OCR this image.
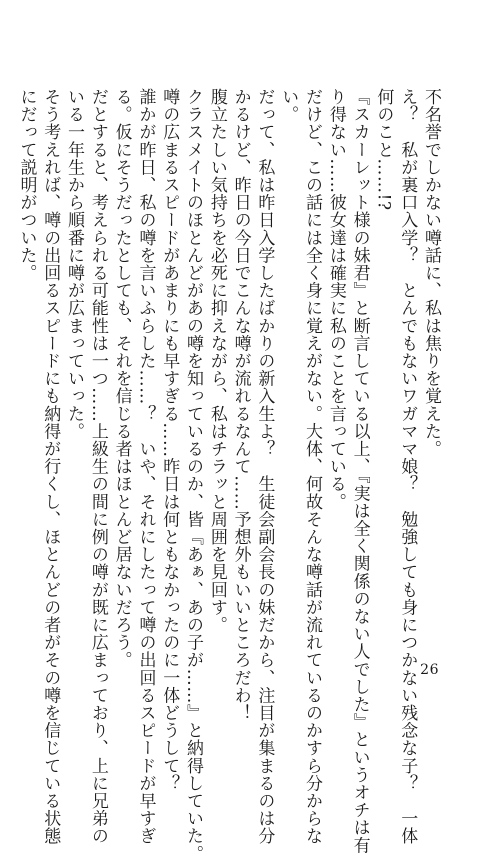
不名誉でしかない噂話に、私は焦りを覚えた。
え？　私が裏口入学？　とんでもないワガママ娘？　勉強しても身につかない残念な子？　一体
何のこと……!?
『スカーレット様の妹君』と断言している以上、『実は全く関係のない人でした』というオチは有
り得ない……彼女達は確実に私のことを言っている。
だけど、この話には全く身に覚えがない。大体、何故そんな噂話が流れているのかすら分からな
い。
だって、私は昨日入学したばかりの新入生よ？　生徒会副会長の妹だから、注目が集まるのは分
かるけど、昨日の今日でこんな噂が流れるなんて……予想外もいいところだわ！
腹立たしい気持ちを必死に抑えながら、私はチラッと周囲を見回す。
クラスメイトのほとんどがあの噂を知っているのか、皆『あぁ、あの子が……』と納得していた。
噂の広まるスピードがあまりにも早すぎる……昨日は何ともなかったのに一体どうして？
誰かが昨日、私の噂を言いふらした……？　いや、それにしたって噂の出回るスピードが早すぎ
る。仮にそうだったとしても、それを信じる者はほとんど居ないだろう。
だとすると、考えられる可能性は一つ……上級生の間に例の噂が既に広まっており、上に兄弟の
いる一年生から順番に噂が広まっていった。
そう考えれば、噂の出回るスピードにも納得が行くし、ほとんどの者がその噂を信じている状態
にだって説明がついた。
26
